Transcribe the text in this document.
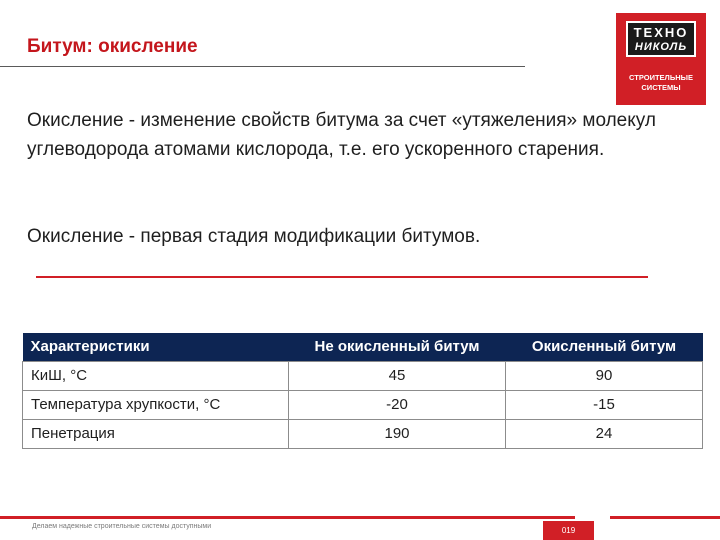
Битум: окисление
ТЕХНО
НИКОЛЬ
СТРОИТЕЛЬНЫЕ
СИСТЕМЫ
Окисление - изменение свойств битума за счет «утяжеления» молекул углеводорода атомами кислорода, т.е. его ускоренного старения.
Окисление - первая стадия модификации битумов.
Характеристики	Не окисленный битум	Окисленный битум
КиШ, °С	45	90
Температура хрупкости, °С	-20	-15
Пенетрация	190	24
Делаем надежные строительные системы доступными	019
